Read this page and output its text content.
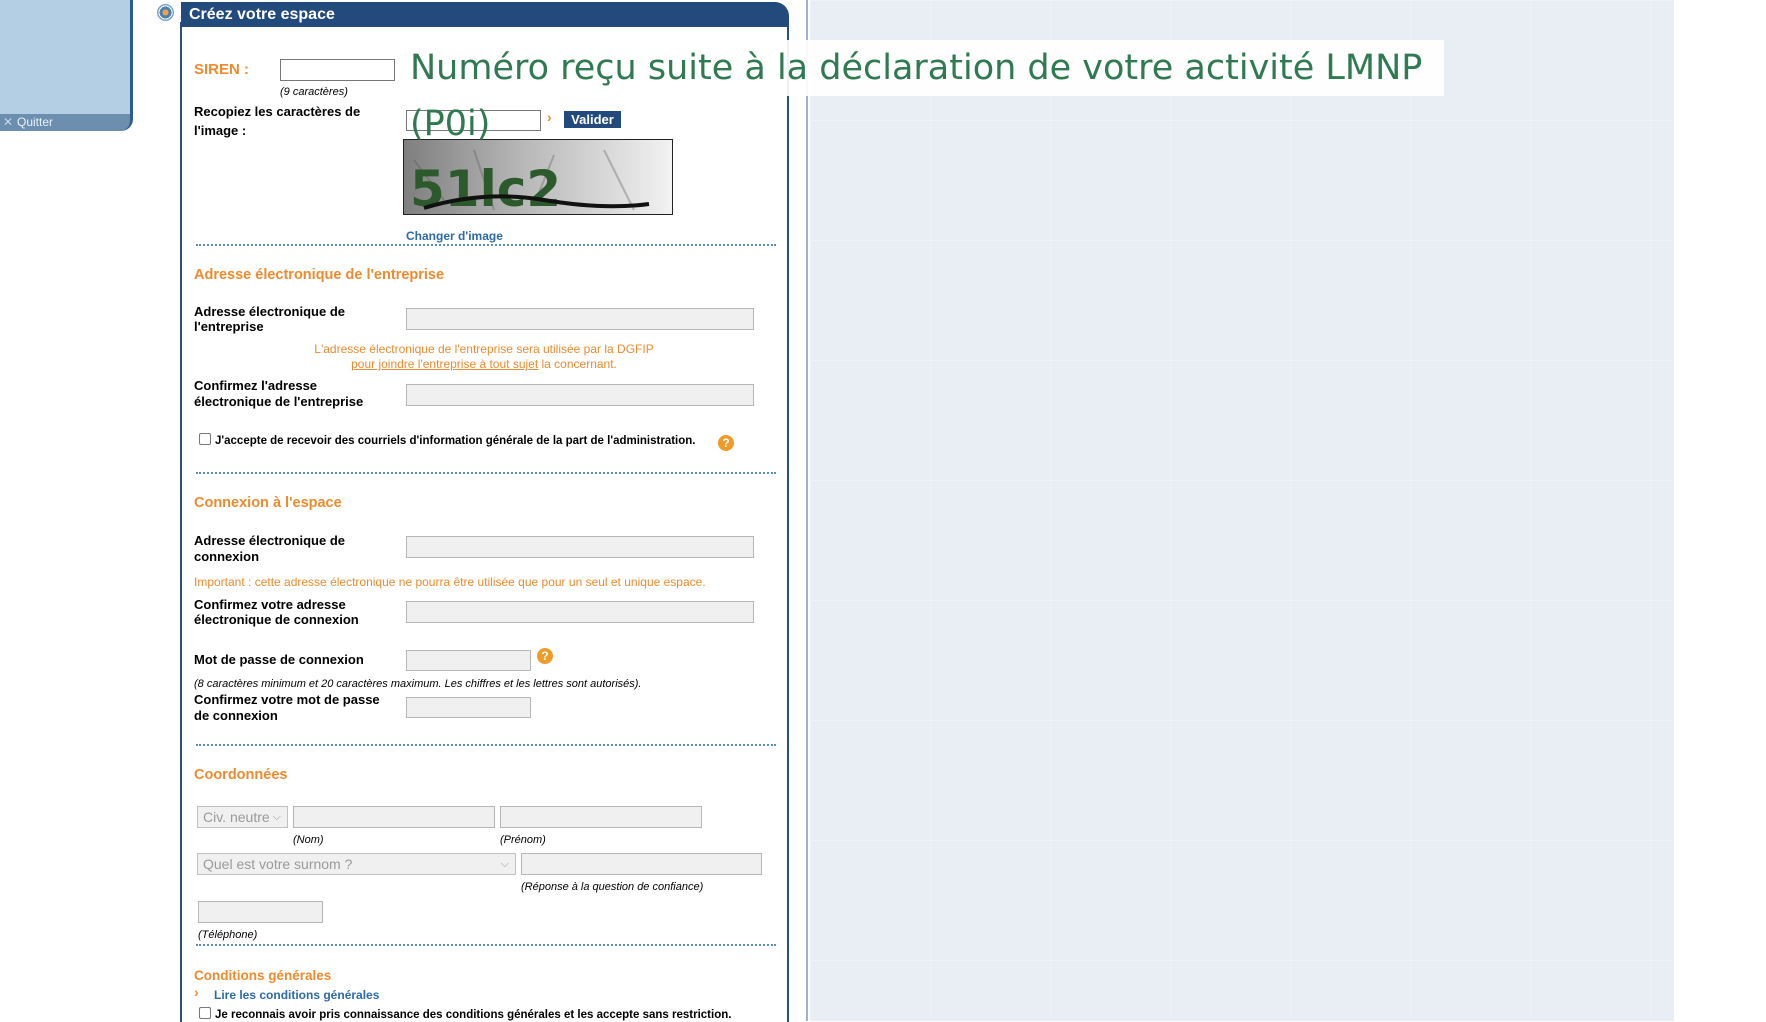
✕ Quitter
Créez votre espace
SIREN :
(9 caractères)
Recopiez les caractères de
l'image :
›	Valider
51lc2
Changer d'image
Adresse électronique de l'entreprise
Adresse électronique de
l'entreprise
L'adresse électronique de l'entreprise sera utilisée par la DGFIP
pour joindre l'entreprise à tout sujet la concernant.
Confirmez l'adresse
électronique de l'entreprise
J'accepte de recevoir des courriels d'information générale de la part de l'administration.	?
Connexion à l'espace
Adresse électronique de
connexion
Important : cette adresse électronique ne pourra être utilisée que pour un seul et unique espace.
Confirmez votre adresse
électronique de connexion
Mot de passe de connexion	?
(8 caractères minimum et 20 caractères maximum. Les chiffres et les lettres sont autorisés).
Confirmez votre mot de passe
de connexion
Coordonnées
Civ. neutre ⌵
(Nom)	(Prénom)
Quel est votre surnom ?	⌵
(Réponse à la question de confiance)
(Téléphone)
Conditions générales
› Lire les conditions générales
Je reconnais avoir pris connaissance des conditions générales et les accepte sans restriction.
Numéro reçu suite à la déclaration de votre activité LMNP (P0i)
